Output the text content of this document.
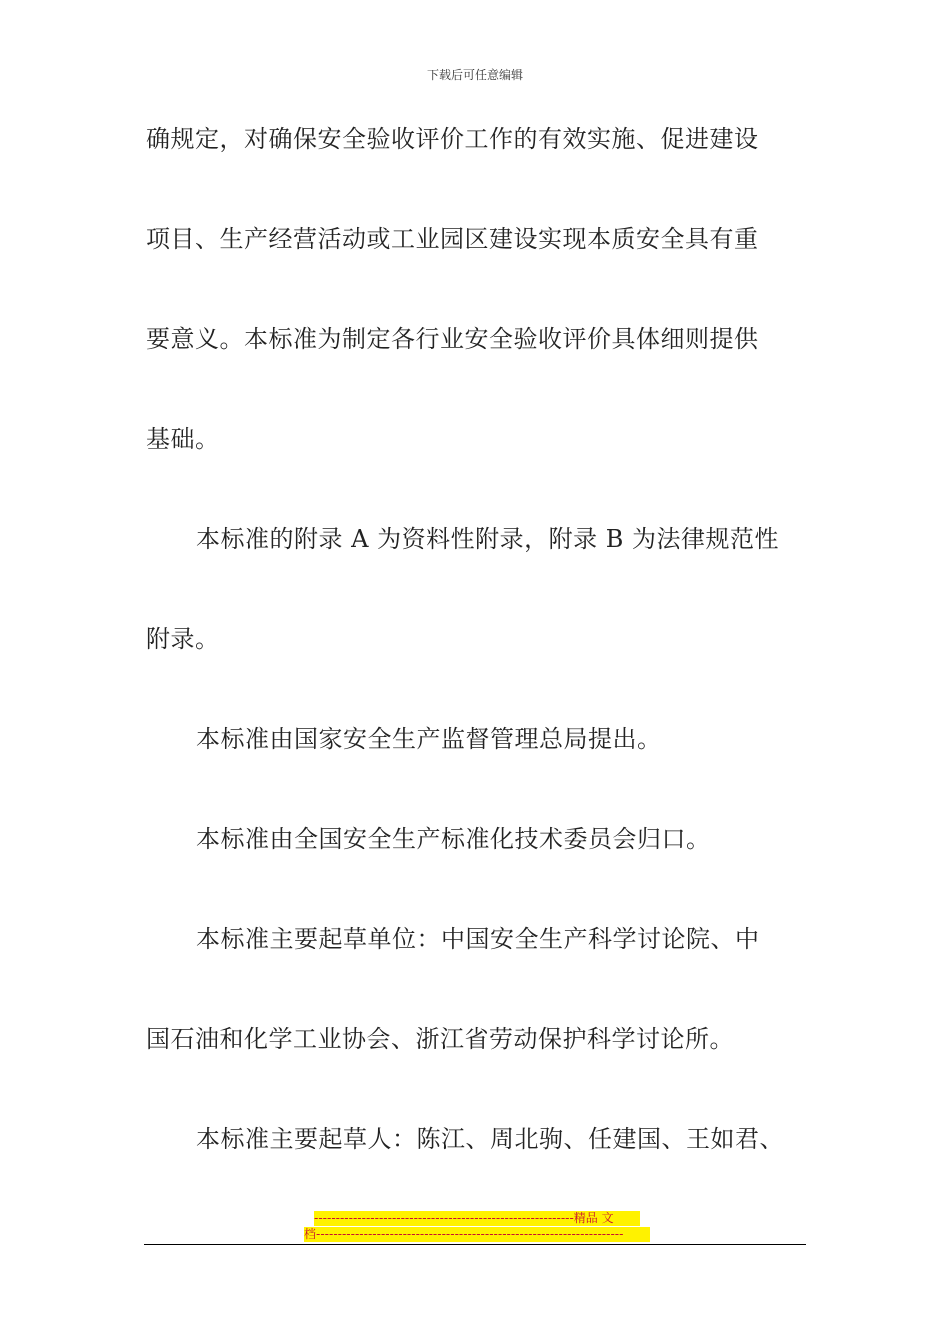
下载后可任意编辑
确规定，对确保安全验收评价工作的有效实施、促进建设
项目、生产经营活动或工业园区建设实现本质安全具有重
要意义。本标准为制定各行业安全验收评价具体细则提供
基础。
本标准的附录 A 为资料性附录，附录 B 为法律规范性
附录。
本标准由国家安全生产监督管理总局提出。
本标准由全国安全生产标准化技术委员会归口。
本标准主要起草单位：中国安全生产科学讨论院、中
国石油和化学工业协会、浙江省劳动保护科学讨论所。
本标准主要起草人：陈江、周北驹、任建国、王如君、
------------------------------------------------------------精品 文
档-----------------------------------------------------------------------
